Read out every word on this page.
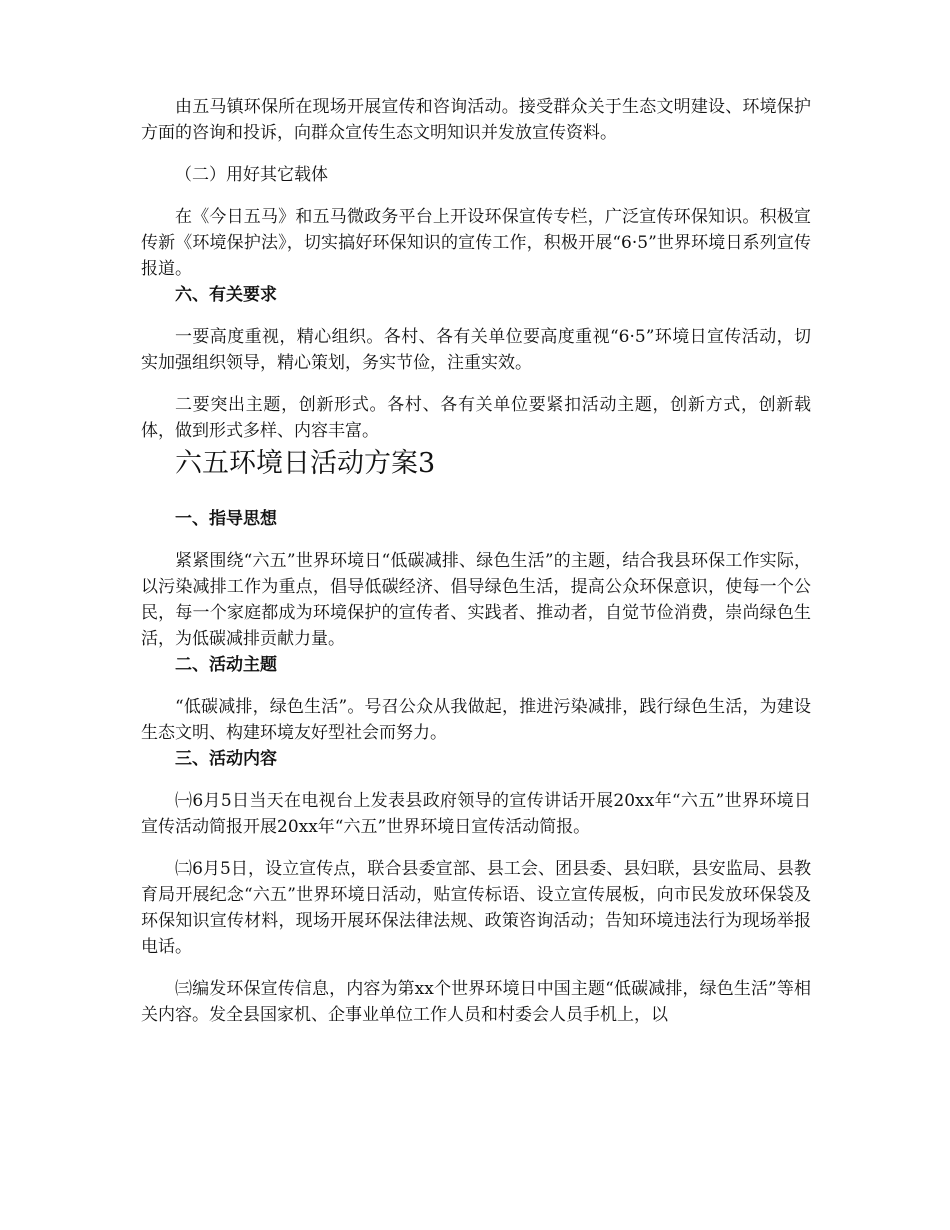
由五马镇环保所在现场开展宣传和咨询活动。接受群众关于生态文明建设、环境保护方面的咨询和投诉，向群众宣传生态文明知识并发放宣传资料。

（二）用好其它载体

在《今日五马》和五马微政务平台上开设环保宣传专栏，广泛宣传环保知识。积极宣传新《环境保护法》，切实搞好环保知识的宣传工作，积极开展“6·5”世界环境日系列宣传报道。

六、有关要求

一要高度重视，精心组织。各村、各有关单位要高度重视“6·5”环境日宣传活动，切实加强组织领导，精心策划，务实节俭，注重实效。

二要突出主题，创新形式。各村、各有关单位要紧扣活动主题，创新方式，创新载体，做到形式多样、内容丰富。

六五环境日活动方案3
一、指导思想

紧紧围绕“六五”世界环境日“低碳减排、绿色生活”的主题，结合我县环保工作实际，以污染减排工作为重点，倡导低碳经济、倡导绿色生活，提高公众环保意识，使每一个公民，每一个家庭都成为环境保护的宣传者、实践者、推动者，自觉节俭消费，崇尚绿色生活，为低碳减排贡献力量。

二、活动主题

“低碳减排，绿色生活”。号召公众从我做起，推进污染减排，践行绿色生活，为建设生态文明、构建环境友好型社会而努力。

三、活动内容

㈠6月5日当天在电视台上发表县政府领导的宣传讲话开展20xx年“六五”世界环境日宣传活动简报开展20xx年“六五”世界环境日宣传活动简报。

㈡6月5日，设立宣传点，联合县委宣部、县工会、团县委、县妇联，县安监局、县教育局开展纪念“六五”世界环境日活动，贴宣传标语、设立宣传展板，向市民发放环保袋及环保知识宣传材料，现场开展环保法律法规、政策咨询活动；告知环境违法行为现场举报电话。

㈢编发环保宣传信息，内容为第xx个世界环境日中国主题“低碳减排，绿色生活”等相关内容。发全县国家机、企事业单位工作人员和村委会人员手机上，以
